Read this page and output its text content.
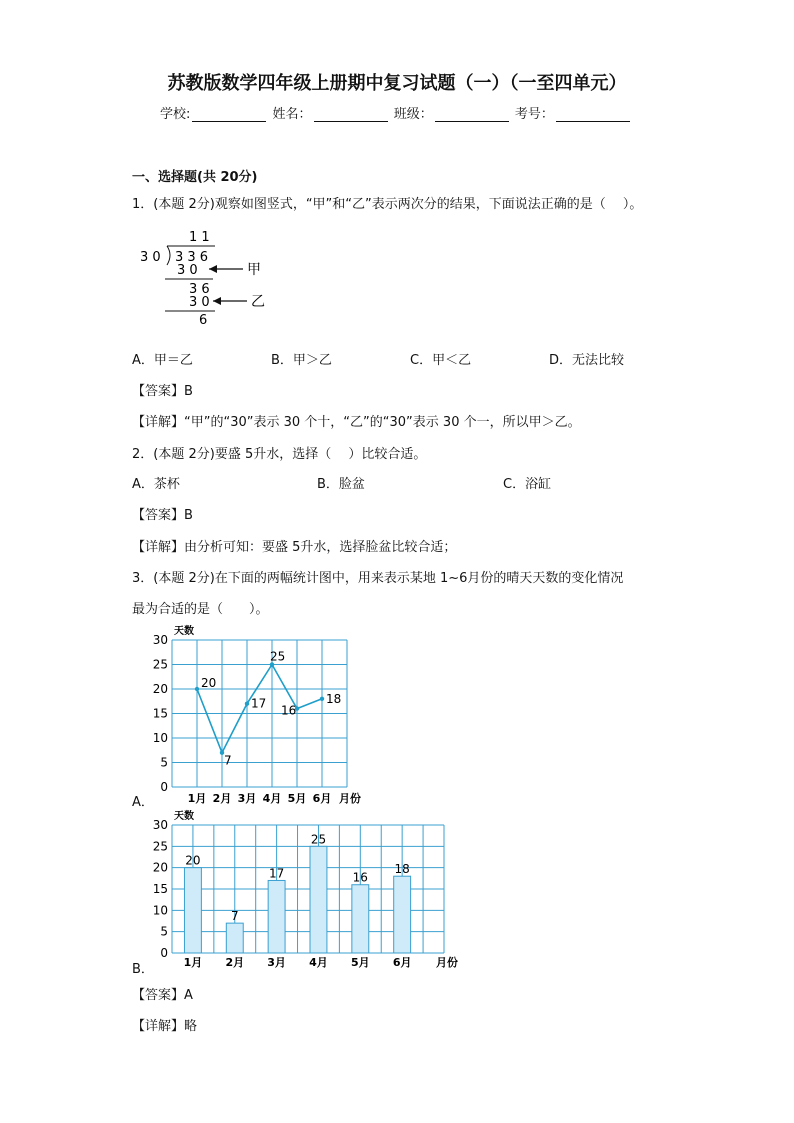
苏教版数学四年级上册期中复习试题（一）（一至四单元）
学校:	姓名：	班级：	考号：
一、选择题(共 20分)
1．(本题 2分)观察如图竖式，“甲”和“乙”表示两次分的结果，下面说法正确的是（　 ）。
1 1
3 0 3 3 6
3 0	甲
3 6
3 0	乙
6
A．甲＝乙	B．甲＞乙	C．甲＜乙	D．无法比较
【答案】B
【详解】“甲”的“30”表示 30 个十，“乙”的“30”表示 30 个一，所以甲＞乙。
2．(本题 2分)要盛 5升水，选择（　 ）比较合适。
A．茶杯	B．脸盆	C．浴缸
【答案】B
【详解】由分析可知：要盛 5升水，选择脸盆比较合适；
3．(本题 2分)在下面的两幅统计图中，用来表示某地 1~6月份的晴天天数的变化情况
最为合适的是（　　）。
0
5
10
15
20
25
30
天数
20
1月
7
2月
17
3月
25
4月
16
5月
18
6月 月份
A．
0
5
10
15
20
25
30
天数
20
1月
7
2月
17
3月
25
4月
16
5月
18
6月 月份
B．
【答案】A
【详解】略
